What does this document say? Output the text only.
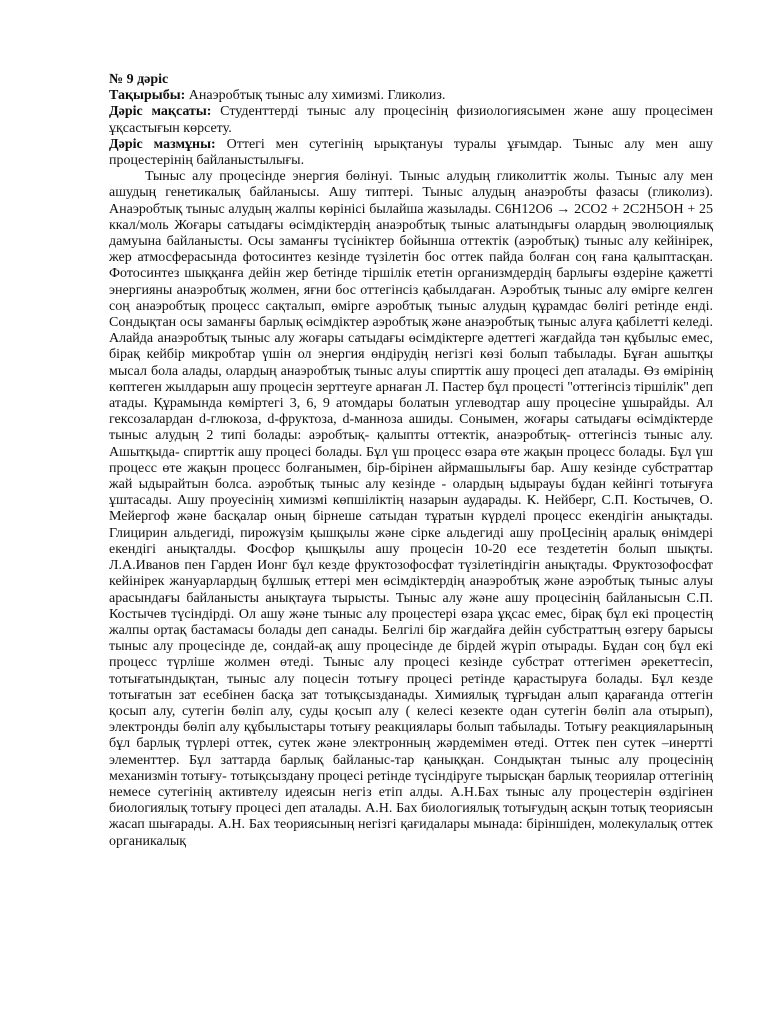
№ 9 дәріс

Тақырыбы: Анаэробтық тыныс алу химизмі. Гликолиз.

Дәріс мақсаты: Студенттерді тыныс алу процесінің физиологиясымен және ашу процесімен ұқсастығын көрсету.

Дәріс мазмұны: Оттегі мен сутегінің ырықтануы туралы ұғымдар. Тыныс алу мен ашу процестерінің байланыстылығы.

Тыныс алу процесінде энергия бөлінуі. Тыныс алудың гликолиттік жолы. Тыныс алу мен ашудың генетикалық байланысы. Ашу типтері. Тыныс алудың анаэробты фазасы (гликолиз). Анаэробтық тыныс алудың жалпы көрінісі былайша жазылады. C6H12O6 → 2CO2 + 2C2H5OH + 25 ккал/моль Жоғары сатыдағы өсімдіктердің анаэробтық тыныс алатындығы олардың эволюциялық дамуына байланысты. Осы заманғы түсініктер бойынша оттектік (аэробтық) тыныс алу кейінірек, жер атмосферасында фотосинтез кезінде түзілетін бос оттек пайда болған соң ғана қалыптасқан. Фотосинтез шыққанға дейін жер бетінде тіршілік ететін организмдердің барлығы өздеріне қажетті энергияны анаэробтық жолмен, яғни бос оттегінсіз қабылдаған. Аэробтық тыныс алу өмірге келген соң анаэробтық процесс сақталып, өмірге аэробтық тыныс алудың құрамдас бөлігі ретінде енді. Сондықтан осы заманғы барлық өсімдіктер аэробтық және анаэробтық тыныс алуға қабілетті келеді. Алайда анаэробтық тыныс алу жоғары сатыдағы өсімдіктерге әдеттегі жағдайда тән құбылыс емес, бірақ кейбір микробтар үшін ол энергия өндірудің негізгі көзі болып табылады. Бұған ашытқы мысал бола алады, олардың анаэробтық тыныс алуы спирттік ашу процесі деп аталады. Өз өмірінің көптеген жылдарын ашу процесін зерттеуге арнаған Л. Пастер бұл процесті ''оттегінсіз тіршілік'' деп атады. Құрамында көміртегі 3, 6, 9 атомдары болатын углеводтар ашу процесіне ұшырайды. Ал гексозалардан d-глюкоза, d-фруктоза, d-манноза ашиды. Сонымен, жоғары сатыдағы өсімдіктерде тыныс алудың 2 типі болады: аэробтық- қалыпты оттектік, анаэробтық- оттегінсіз тыныс алу. Ашытқыда- спирттік ашу процесі болады. Бұл үш процесс өзара өте жақын процесс болады. Бұл үш процесс өте жақын процесс болғанымен, бір-бірінен айрмашылығы бар. Ашу кезінде субстраттар жай ыдырайтын болса. аэробтық тыныс алу кезінде - олардың ыдырауы бұдан кейінгі тотығуға ұштасады. Ашу проуесінің химизмі көпшіліктің назарын аударады. К. Нейберг, С.П. Костычев, О. Мейергоф және басқалар оның бірнеше сатыдан тұратын күрделі процесс екендігін анықтады. Глицирин альдегиді, пирожүзім қышқылы және сірке альдегиді ашу проЦесінің аралық өнімдері екендігі анықталды. Фосфор қышқылы ашу процесін 10-20 есе тездететін болып шықты. Л.А.Иванов пен Гарден Ионг бұл кезде фруктозофосфат түзілетіндігін анықтады. Фруктозофосфат кейінірек жануарлардың бұлшық еттері мен өсімдіктердің анаэробтық және аэробтық тыныс алуы арасындағы байланысты анықтауға тырысты. Тыныс алу және ашу процесінің байланысын С.П. Костычев түсіндірді. Ол ашу және тыныс алу процестері өзара ұқсас емес, бірақ бұл екі процестің жалпы ортақ бастамасы болады деп санады. Белгілі бір жағдайға дейін субстраттың өзгеру барысы тыныс алу процесінде де, сондай-ақ ашу процесінде де бірдей жүріп отырады. Бұдан соң бұл екі процесс түрліше жолмен өтеді. Тыныс алу процесі кезінде субстрат оттегімен әрекеттесіп, тотығатындықтан, тыныс алу поцесін тотығу процесі ретінде қарастыруға болады. Бұл кезде тотығатын зат есебінен басқа зат тотықсызданады. Химиялық тұрғыдан алып қарағанда оттегін қосып алу, сутегін бөліп алу, суды қосып алу ( келесі кезекте одан сутегін бөліп ала отырып), электронды бөліп алу құбылыстары тотығу реакциялары болып табылады. Тотығу реакцияларының бұл барлық түрлері оттек, сутек және электронның жәрдемімен өтеді. Оттек пен сутек –инертті элементтер. Бұл заттарда барлық байланыс-тар қаныққан. Сондықтан тыныс алу процесінің механизмін тотығу- тотықсыздану процесі ретінде түсіндіруге тырысқан барлық теориялар оттегінің немесе сутегінің активтелу идеясын негіз етіп алды. А.Н.Бах тыныс алу процестерін өздігінен биологиялық тотығу процесі деп аталады. А.Н. Бах биологиялық тотығудың асқын тотық теориясын жасап шығарады. А.Н. Бах теориясының негізгі қағидалары мынада: біріншіден, молекулалық оттек органикалық
